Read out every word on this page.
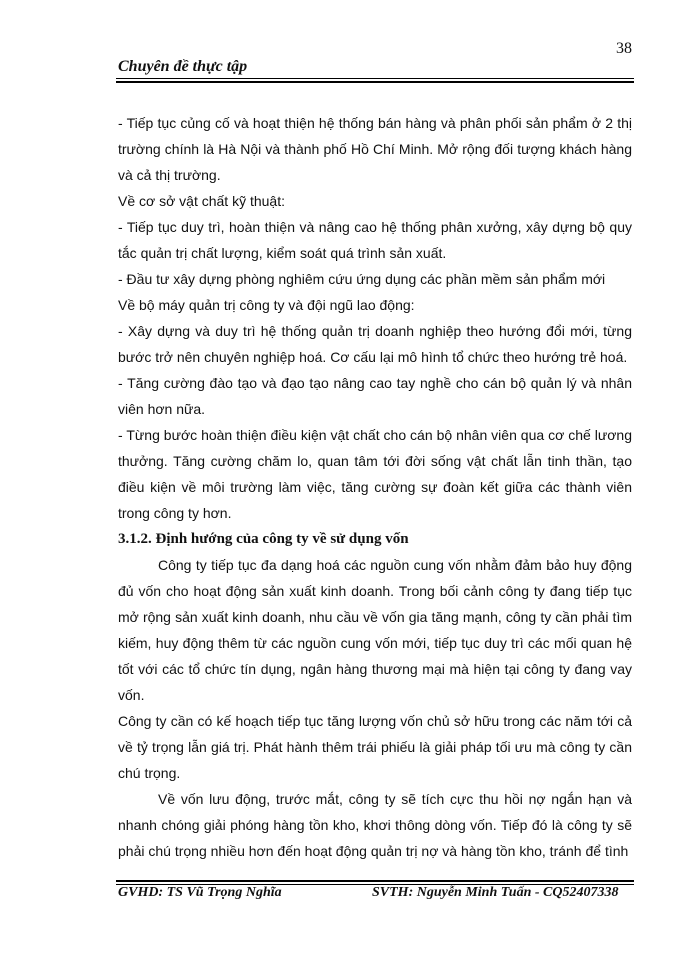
38
Chuyên đề thực tập

- Tiếp tục củng cố và hoạt thiện hệ thống bán hàng và phân phối sản phẩm ở 2 thị trường chính là Hà Nội và thành phố Hồ Chí Minh. Mở rộng đối tượng khách hàng và cả thị trường.

Về cơ sở vật chất kỹ thuật:

- Tiếp tục duy trì, hoàn thiện và nâng cao hệ thống phân xưởng, xây dựng bộ quy tắc quản trị chất lượng, kiểm soát quá trình sản xuất.

- Đầu tư xây dựng phòng nghiêm cứu ứng dụng các phần mềm sản phẩm mới

Về bộ máy quản trị công ty và đội ngũ lao động:

- Xây dựng và duy trì hệ thống quản trị doanh nghiệp theo hướng đổi mới, từng bước trở nên chuyên nghiệp hoá. Cơ cấu lại mô hình tổ chức theo hướng trẻ hoá.

- Tăng cường đào tạo và đạo tạo nâng cao tay nghề cho cán bộ quản lý và nhân viên hơn nữa.

- Từng bước hoàn thiện điều kiện vật chất cho cán bộ nhân viên qua cơ chế lương thưởng. Tăng cường chăm lo, quan tâm tới đời sống vật chất lẫn tinh thần, tạo điều kiện về môi trường làm việc, tăng cường sự đoàn kết giữa các thành viên trong công ty hơn.

3.1.2. Định hướng của công ty về sử dụng vốn

Công ty tiếp tục đa dạng hoá các nguồn cung vốn nhằm đảm bảo huy động đủ vốn cho hoạt động sản xuất kinh doanh. Trong bối cảnh công ty đang tiếp tục mở rộng sản xuất kinh doanh, nhu cầu về vốn gia tăng mạnh, công ty cần phải tìm kiếm, huy động thêm từ các nguồn cung vốn mới, tiếp tục duy trì các mối quan hệ tốt với các tổ chức tín dụng, ngân hàng thương mại mà hiện tại công ty đang vay vốn.

Công ty cần có kế hoạch tiếp tục tăng lượng vốn chủ sở hữu trong các năm tới cả về tỷ trọng lẫn giá trị. Phát hành thêm trái phiếu là giải pháp tối ưu mà công ty cần chú trọng.

Về vốn lưu động, trước mắt, công ty sẽ tích cực thu hồi nợ ngắn hạn và nhanh chóng giải phóng hàng tồn kho, khơi thông dòng vốn. Tiếp đó là công ty sẽ phải chú trọng nhiều hơn đến hoạt động quản trị nợ và hàng tồn kho, tránh để tình

GVHD: TS Vũ Trọng Nghĩa	SVTH: Nguyễn Minh Tuấn - CQ52407338
